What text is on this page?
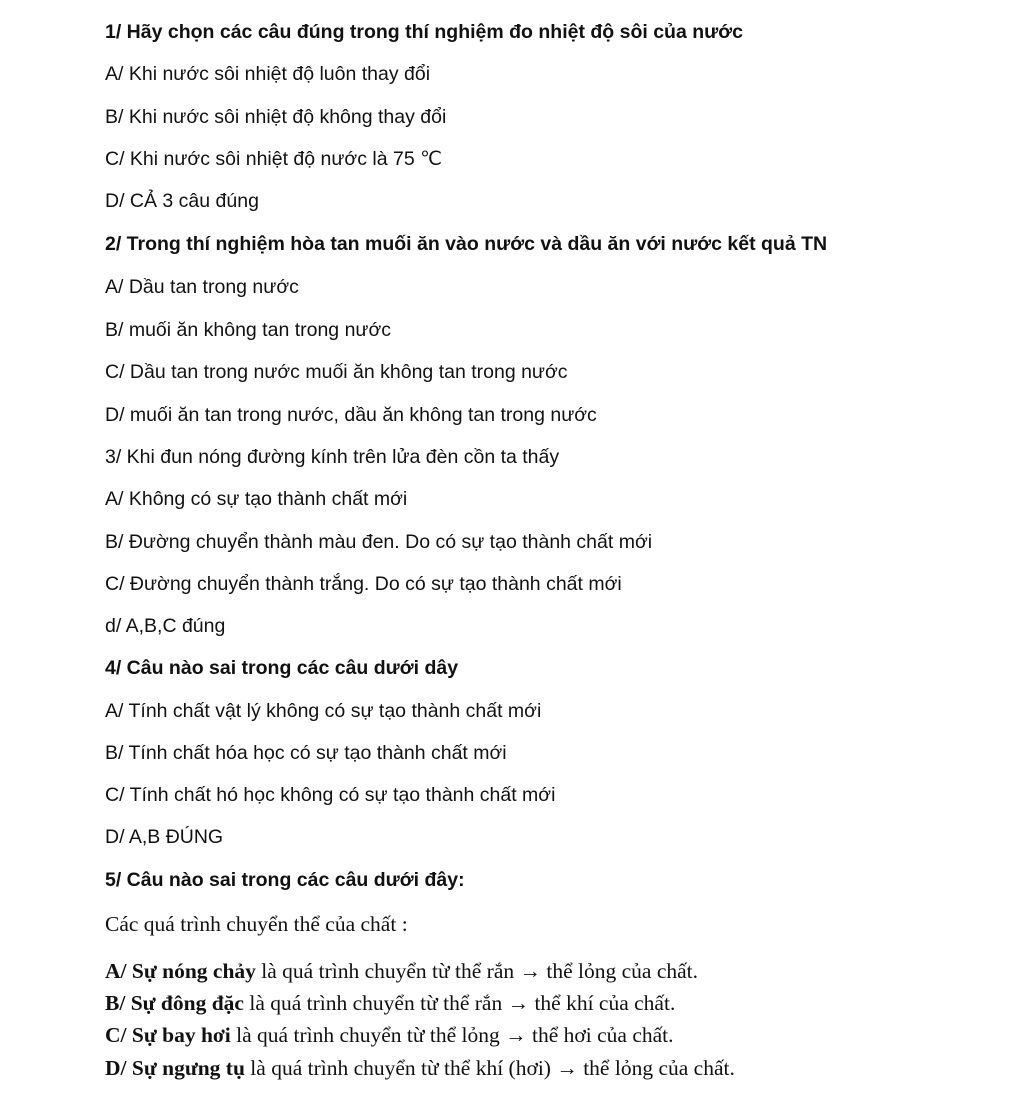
1/ Hãy chọn các câu đúng trong thí nghiệm đo nhiệt độ sôi của nước
A/ Khi nước sôi nhiệt độ luôn thay đổi
B/ Khi nước sôi nhiệt độ không thay đổi
C/ Khi nước sôi nhiệt độ nước là 75 ℃
D/ CẢ 3 câu đúng
2/ Trong thí nghiệm hòa tan muối ăn vào nước và dầu ăn với nước kết quả TN
A/ Dầu tan trong nước
B/ muối ăn không tan trong nước
C/ Dầu tan trong nước muối ăn không tan trong nước
D/ muối ăn tan trong nước, dầu ăn không tan trong nước
3/ Khi đun nóng đường kính trên lửa đèn cồn ta thấy
A/ Không có sự tạo thành chất mới
B/ Đường chuyển thành màu đen. Do có sự tạo thành chất mới
C/ Đường chuyển thành trắng. Do có sự tạo thành chất mới
d/ A,B,C đúng
4/ Câu nào sai trong các câu dưới dây
A/ Tính chất vật lý không có sự tạo thành chất mới
B/ Tính chất hóa học có sự tạo thành chất mới
C/ Tính chất hó học không có sự tạo thành chất mới
D/ A,B ĐÚNG
5/ Câu nào sai trong các câu dưới đây:
Các quá trình chuyển thể của chất :
A/ Sự nóng chảy là quá trình chuyển từ thể rắn → thể lỏng của chất.
B/ Sự đông đặc là quá trình chuyển từ thể rắn → thể khí của chất.
C/ Sự bay hơi là quá trình chuyển từ thể lỏng → thể hơi của chất.
D/ Sự ngưng tụ là quá trình chuyển từ thể khí (hơi) → thể lỏng của chất.
